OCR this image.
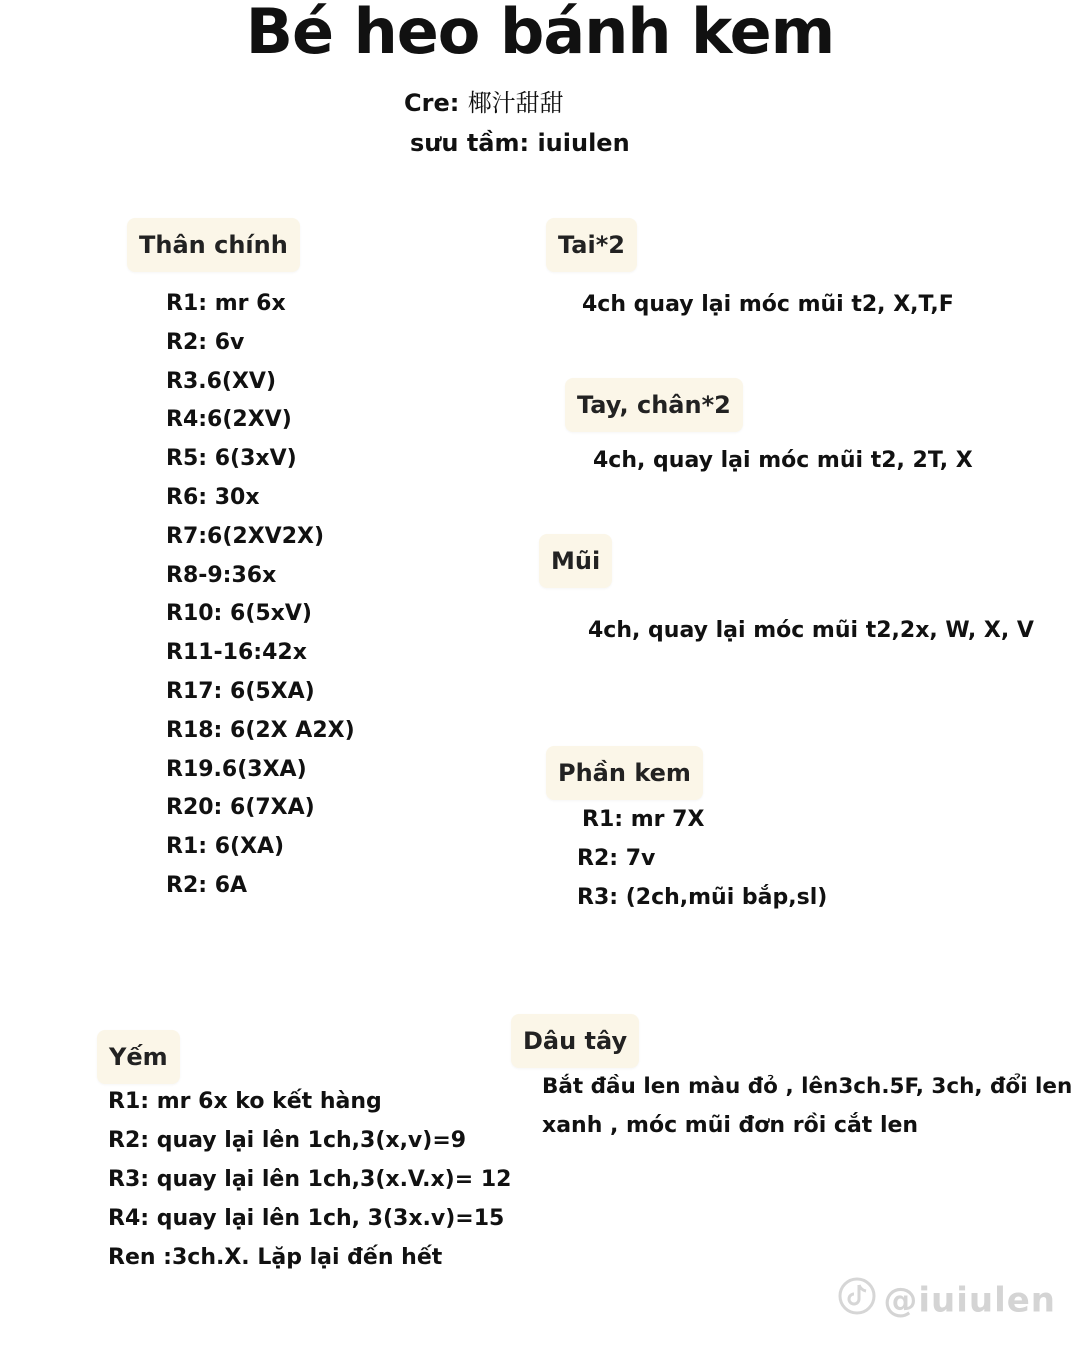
Bé heo bánh kem
Cre: 椰汁甜甜
sưu tầm: iuiulen
Thân chính
R1: mr 6x
R2: 6v
R3.6(XV)
R4:6(2XV)
R5: 6(3xV)
R6: 30x
R7:6(2XV2X)
R8-9:36x
R10: 6(5xV)
R11-16:42x
R17: 6(5XA)
R18: 6(2X A2X)
R19.6(3XA)
R20: 6(7XA)
R1: 6(XA)
R2: 6A
Tai*2
4ch quay lại móc mũi t2, X,T,F
Tay, chân*2
4ch, quay lại móc mũi t2, 2T, X
Mũi
4ch, quay lại móc mũi t2,2x, W, X, V
Phần kem
R1: mr 7X
R2: 7v
R3: (2ch,mũi bắp,sl)
Yếm
R1: mr 6x ko kết hàng
R2: quay lại lên 1ch,3(x,v)=9
R3: quay lại lên 1ch,3(x.V.x)= 12
R4: quay lại lên 1ch, 3(3x.v)=15
Ren :3ch.X. Lặp lại đến hết
Dâu tây
Bắt đầu len màu đỏ , lên3ch.5F, 3ch, đổi len
xanh , móc mũi đơn rồi cắt len
@iuiulen
